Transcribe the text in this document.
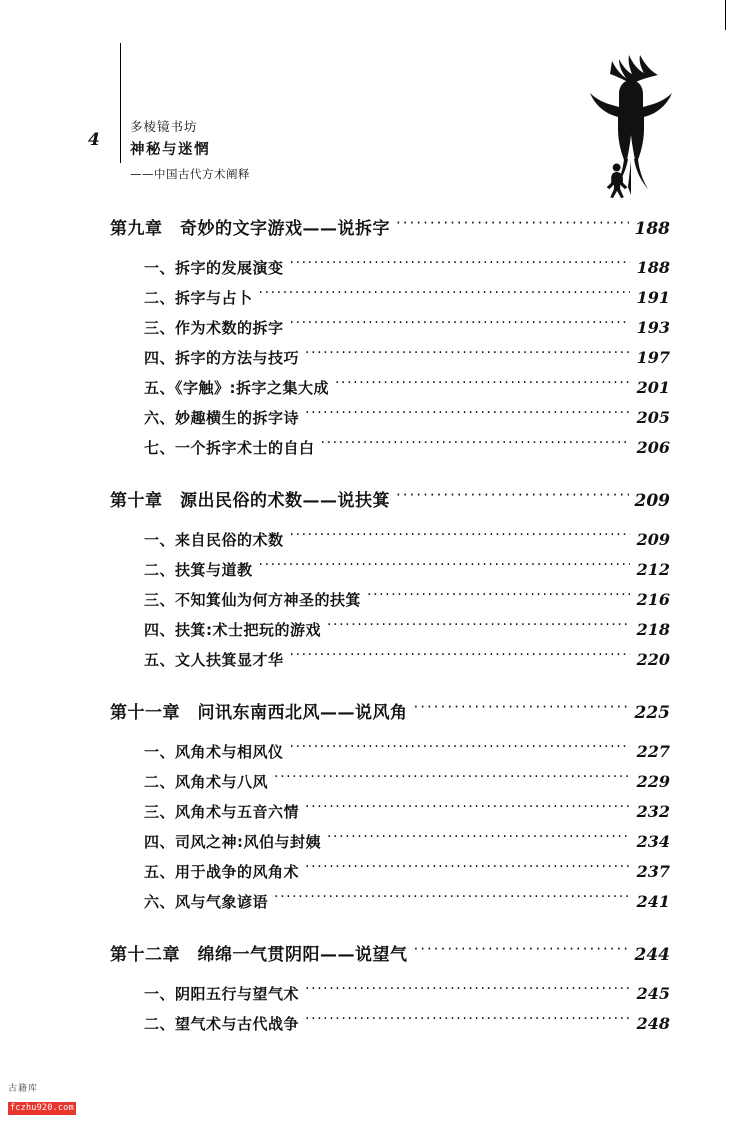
4
多棱镜书坊
神秘与迷惘
——中国古代方术阐释
第九章　奇妙的文字游戏——说拆字 ·····	188
一、拆字的发展演变 ·····	188
二、拆字与占卜 ·····	191
三、作为术数的拆字 ·····	193
四、拆字的方法与技巧 ·····	197
五、《字触》:拆字之集大成 ·····	201
六、妙趣横生的拆字诗 ·····	205
七、一个拆字术士的自白 ·····	206
第十章　源出民俗的术数——说扶箕 ·····	209
一、来自民俗的术数 ·····	209
二、扶箕与道教 ·····	212
三、不知箕仙为何方神圣的扶箕 ·····	216
四、扶箕:术士把玩的游戏 ·····	218
五、文人扶箕显才华 ·····	220
第十一章　问讯东南西北风——说风角 ·····	225
一、风角术与相风仪 ·····	227
二、风角术与八风 ·····	229
三、风角术与五音六情 ·····	232
四、司风之神:风伯与封姨 ·····	234
五、用于战争的风角术 ·····	237
六、风与气象谚语 ·····	241
第十二章　绵绵一气贯阴阳——说望气 ·····	244
一、阴阳五行与望气术 ·····	245
二、望气术与古代战争 ·····	248
古籍库
fczhu920.com
